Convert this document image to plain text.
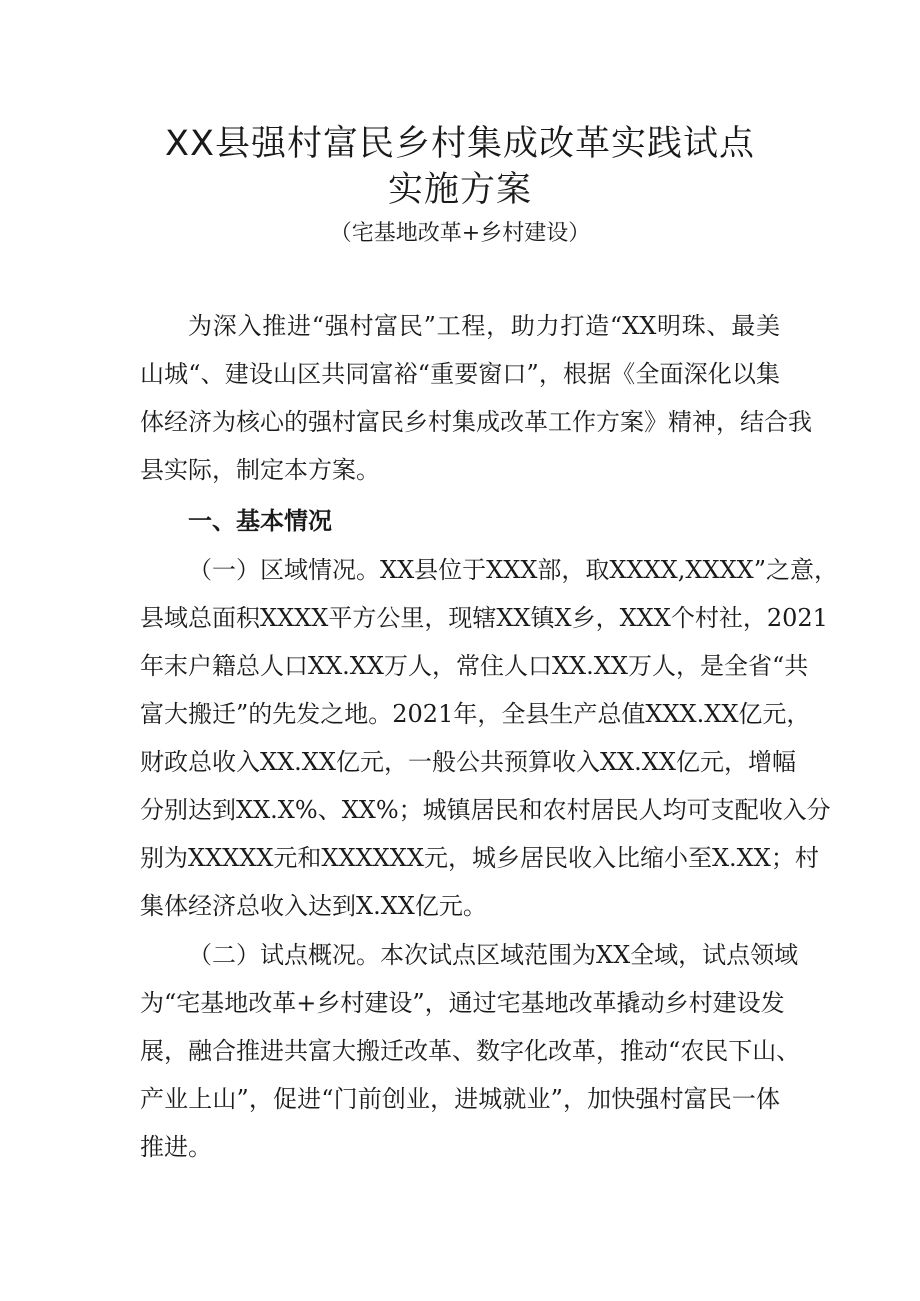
XX县强村富民乡村集成改革实践试点
实施方案
（宅基地改革+乡村建设）
为深入推进“强村富民”工程，助力打造“XX明珠、最美
山城“、建设山区共同富裕“重要窗口”，根据《全面深化以集
体经济为核心的强村富民乡村集成改革工作方案》精神，结合我
县实际，制定本方案。
一、基本情况
（一）区域情况。XX县位于XXX部，取XXXX,XXXX”之意，
县域总面积XXXX平方公里，现辖XX镇X乡，XXX个村社，2021
年末户籍总人口XX.XX万人，常住人口XX.XX万人，是全省“共
富大搬迁”的先发之地。2021年，全县生产总值XXX.XX亿元，
财政总收入XX.XX亿元，一般公共预算收入XX.XX亿元，增幅
分别达到XX.X%、XX%；城镇居民和农村居民人均可支配收入分
别为XXXXX元和XXXXXX元，城乡居民收入比缩小至X.XX；村
集体经济总收入达到X.XX亿元。
（二）试点概况。本次试点区域范围为XX全域，试点领域
为“宅基地改革+乡村建设”，通过宅基地改革撬动乡村建设发
展，融合推进共富大搬迁改革、数字化改革，推动“农民下山、
产业上山”，促进“门前创业，进城就业”，加快强村富民一体
推进。
